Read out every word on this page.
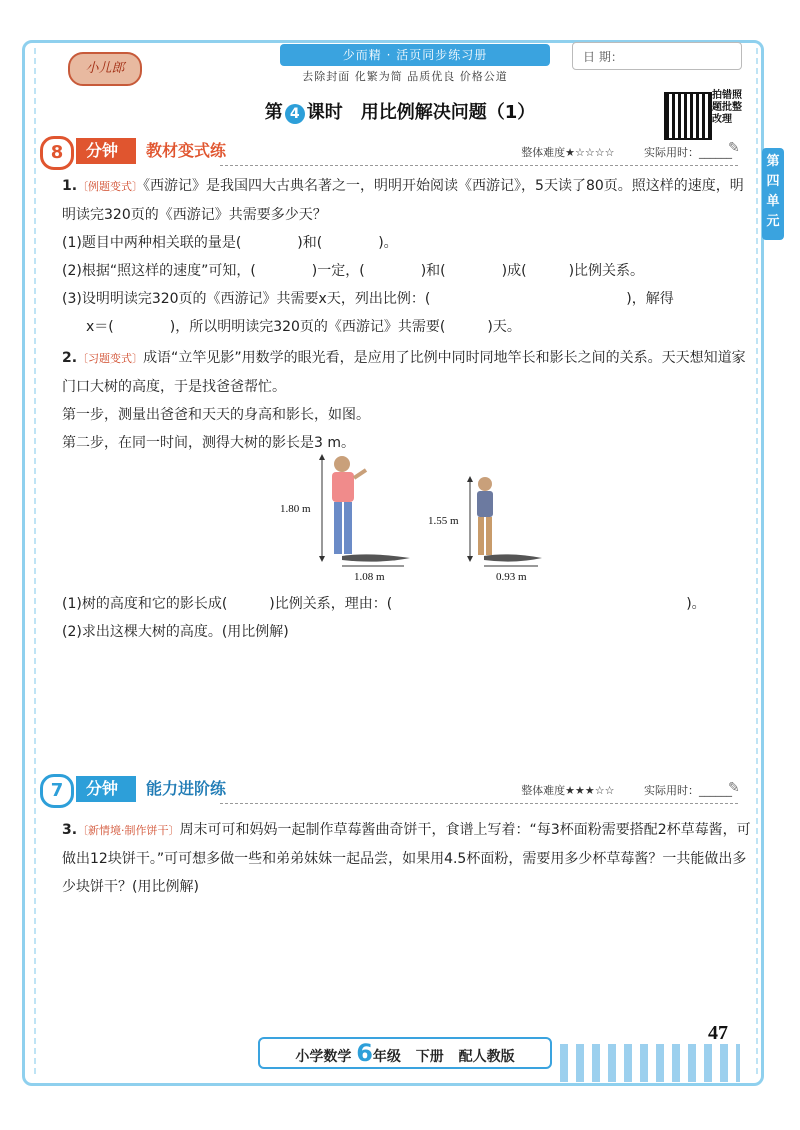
小儿郎
少而精 · 活页同步练习册
去除封面 化繁为简 品质优良 价格公道
日 期：
第 4 课时　用比例解决问题（1）
拍错照题批整改理
第四单元
8	分钟	教材变式练	整体难度★☆☆☆☆	实际用时：______
✎
1.〔例题变式〕《西游记》是我国四大古典名著之一，明明开始阅读《西游记》，5天读了80页。照这样的速度，明明读完320页的《西游记》共需要多少天？
(1)题目中两种相关联的量是(　　　　)和(　　　　)。
(2)根据“照这样的速度”可知，(　　　　)一定，(　　　　)和(　　　　)成(　　　)比例关系。
(3)设明明读完320页的《西游记》共需要x天，列出比例：(　　　　　　　　　　　　　　)，解得
x＝(　　　　)，所以明明读完320页的《西游记》共需要(　　　)天。
2.〔习题变式〕成语“立竿见影”用数学的眼光看，是应用了比例中同时同地竿长和影长之间的关系。天天想知道家门口大树的高度，于是找爸爸帮忙。
第一步，测量出爸爸和天天的身高和影长，如图。
第二步，在同一时间，测得大树的影长是3 m。
1.80 m
1.08 m
1.55 m
0.93 m
(1)树的高度和它的影长成(　　　)比例关系，理由：(　　　　　　　　　　　　　　　　　　　　　)。
(2)求出这棵大树的高度。(用比例解)
7	分钟	能力进阶练	整体难度★★★☆☆	实际用时：______
✎
3.〔新情境·制作饼干〕周末可可和妈妈一起制作草莓酱曲奇饼干，食谱上写着：“每3杯面粉需要搭配2杯草莓酱，可做出12块饼干。”可可想多做一些和弟弟妹妹一起品尝，如果用4.5杯面粉，需要用多少杯草莓酱？一共能做出多少块饼干？(用比例解)
小学数学 6年级 下册 配人教版
47
